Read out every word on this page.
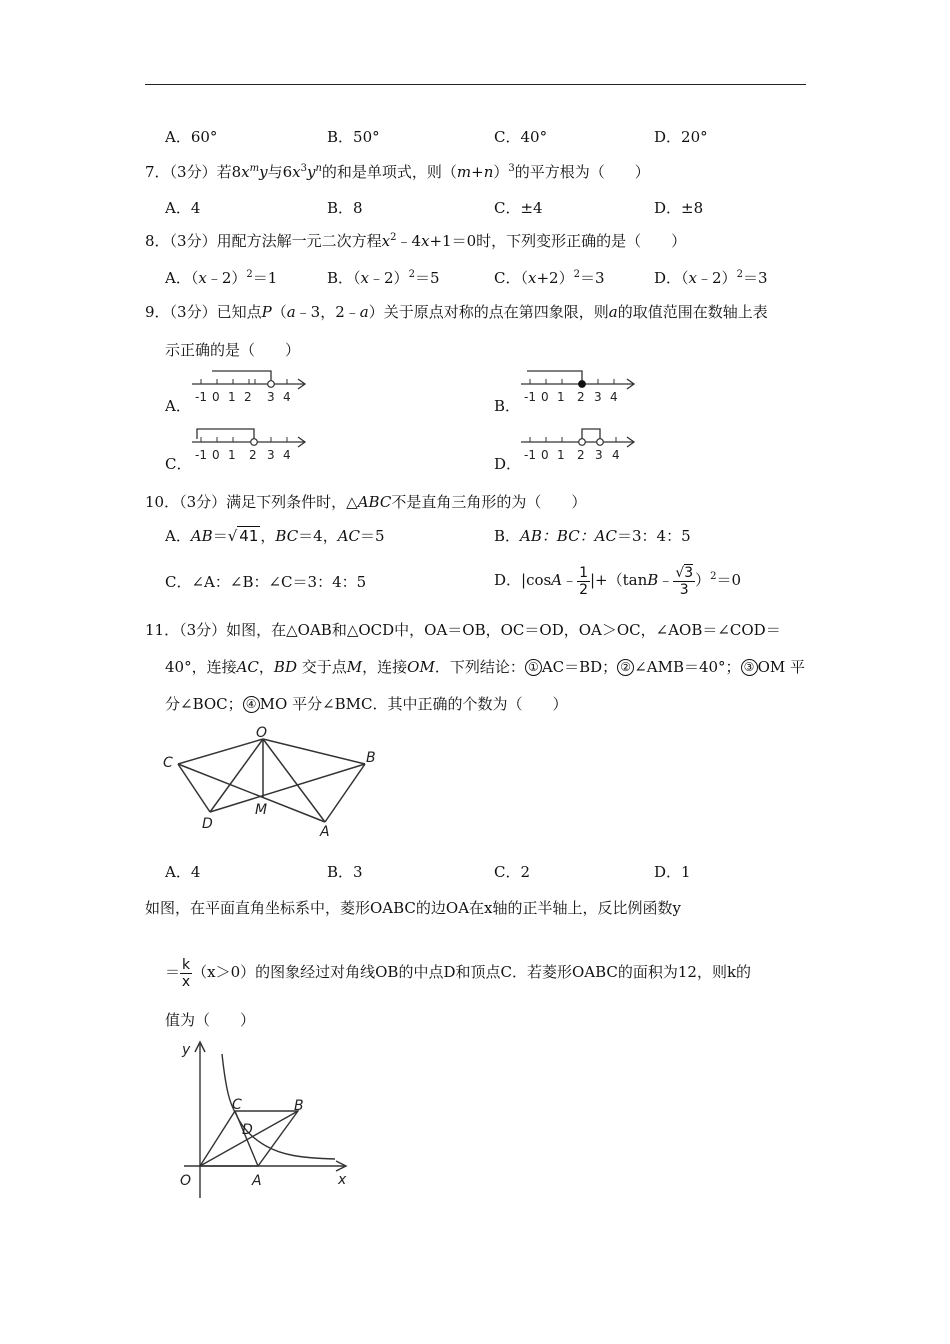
A．60°	B．50°	C．40°	D．20°
7．（3分）若$8x^my$与$6x^3y^n$的和是单项式，则$(m+n)^3$的平方根为（　　）
A．4	B．8	C．±4	D．±8
8．（3分）用配方法解一元二次方程$x^2﹣4x+1=0$时，下列变形正确的是（　　）
A．（x﹣2）$^2$＝1	B．（x﹣2）$^2$＝5	C．$(x+2)^2=3$	D．（x﹣2）$^2$＝3
9．（3分）已知点P（a﹣3，2﹣a）关于原点对称的点在第四象限，则a的取值范围在数轴上表
示正确的是（　　）
A．	B．
C．	D．
-1 0 1 2 3 4	-1 0 1 2 3 4
-1 0 1 2 3 4	-1 0 1 2 3 4
10．（3分）满足下列条件时，△ABC不是直角三角形的为（　　）
A．AB＝√ 41 ，BC＝4，AC＝5	B．AB：BC：AC＝3：4：5
C．∠A：∠B：∠C＝3：4：5	D．|cosA﹣ $\frac{1}{2}$ |+（tanB﹣ $\frac{√3}{3} )^2=0$
11．（3分）如图，在△OAB和△OCD中，OA＝OB，OC＝OD，OA＞OC，∠AOB＝∠COD＝
40°，连接AC，BD 交于点M，连接OM．下列结论： ① AC＝BD； ② ∠AMB＝40°； ③ OM 平
分∠BOC； ④ MO 平分∠BMC．其中正确的个数为（　　）
O
C	B
D
M
A
A．4	B．3	C．2	D．1
如图，在平面直角坐标系中，菱形OABC的边OA在x轴的正半轴上，反比例函数y
＝ $\frac{k}{x} (x>0)$的图象经过对角线OB的中点D和顶点C．若菱形OABC的面积为12，则k的
值为（　　）
y
C	B
D
O	A	x
